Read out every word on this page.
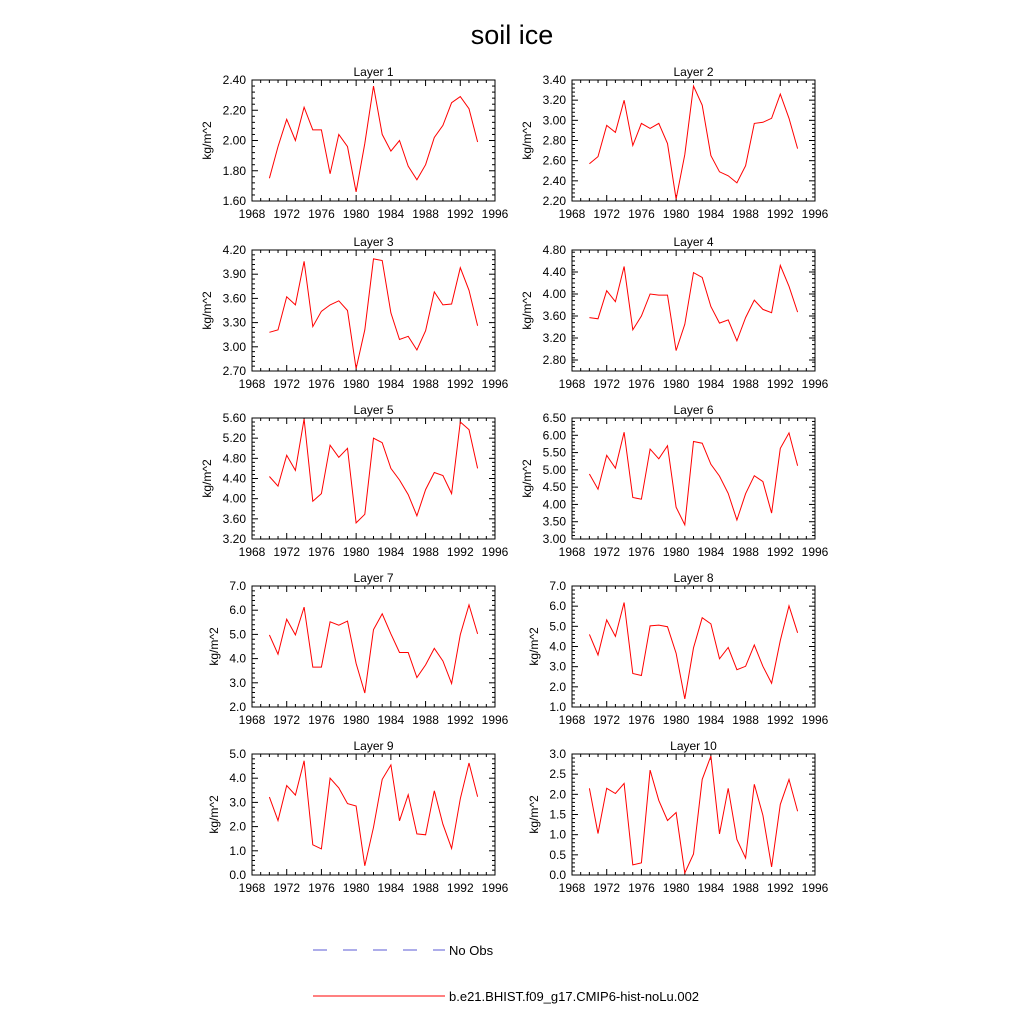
soil ice
Layer 1
1968 1972 1976 1980 1984 1988 1992 1996
1.60
1.80
2.00
2.20
2.40
kg/m^2
Layer 2
1968 1972 1976 1980 1984 1988 1992 1996
2.20
2.40
2.60
2.80
3.00
3.20
3.40
kg/m^2
Layer 3
1968 1972 1976 1980 1984 1988 1992 1996
2.70
3.00
3.30
3.60
3.90
4.20
kg/m^2
Layer 4
1968 1972 1976 1980 1984 1988 1992 1996
2.80
3.20
3.60
4.00
4.40
4.80
kg/m^2
Layer 5
1968 1972 1976 1980 1984 1988 1992 1996
3.20
3.60
4.00
4.40
4.80
5.20
5.60
kg/m^2
Layer 6
1968 1972 1976 1980 1984 1988 1992 1996
3.00
3.50
4.00
4.50
5.00
5.50
6.00
6.50
kg/m^2
Layer 7
1968 1972 1976 1980 1984 1988 1992 1996
2.0
3.0
4.0
5.0
6.0
7.0
kg/m^2
Layer 8
1968 1972 1976 1980 1984 1988 1992 1996
1.0
2.0
3.0
4.0
5.0
6.0
7.0
kg/m^2
Layer 9
1968 1972 1976 1980 1984 1988 1992 1996
0.0
1.0
2.0
3.0
4.0
5.0
kg/m^2
Layer 10
1968 1972 1976 1980 1984 1988 1992 1996
0.0
0.5
1.0
1.5
2.0
2.5
3.0
kg/m^2
No Obs
b.e21.BHIST.f09_g17.CMIP6-hist-noLu.002
